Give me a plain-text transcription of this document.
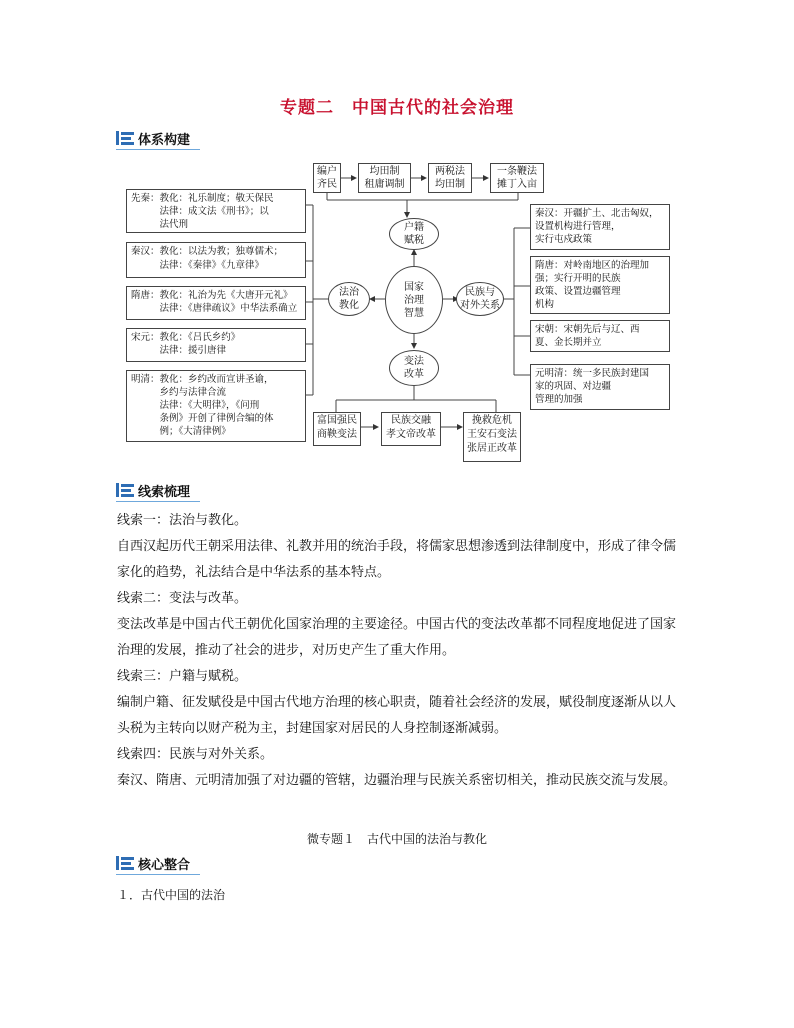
专题二　中国古代的社会治理
体系构建
编户
齐民
均田制
租庸调制
两税法
均田制
一条鞭法
摊丁入亩
户籍
赋税
国家
治理
智慧
法治
教化
民族与
对外关系
变法
改革
富国强民
商鞅变法
民族交融
孝文帝改革
挽救危机
王安石变法
张居正改革
先秦：教化：礼乐制度；敬天保民
　　　法律：成文法《刑书》；以
　　　法代刑
秦汉：教化：以法为教；独尊儒术；
　　　法律：《秦律》《九章律》
隋唐：教化：礼治为先《大唐开元礼》
　　　法律：《唐律疏议》中华法系确立
宋元：教化：《吕氏乡约》
　　　法律：援引唐律
明清：教化：乡约改而宣讲圣谕，
　　　乡约与法律合流
　　　法律：《大明律》，《问刑
　　　条例》开创了律例合编的体
　　　例；《大清律例》
秦汉：开疆扩土、北击匈奴，
设置机构进行管理，
实行屯戍政策
隋唐：对岭南地区的治理加
强；实行开明的民族
政策、设置边疆管理
机构
宋朝：宋朝先后与辽、西
夏、金长期并立
元明清：统一多民族封建国
家的巩固、对边疆
管理的加强
线索梳理
线索一：法治与教化。
自西汉起历代王朝采用法律、礼教并用的统治手段，将儒家思想渗透到法律制度中，形成了律令儒家化的趋势，礼法结合是中华法系的基本特点。
线索二：变法与改革。
变法改革是中国古代王朝优化国家治理的主要途径。中国古代的变法改革都不同程度地促进了国家治理的发展，推动了社会的进步，对历史产生了重大作用。
线索三：户籍与赋税。
编制户籍、征发赋役是中国古代地方治理的核心职责，随着社会经济的发展，赋役制度逐渐从以人头税为主转向以财产税为主，封建国家对居民的人身控制逐渐减弱。
线索四：民族与对外关系。
秦汉、隋唐、元明清加强了对边疆的管辖，边疆治理与民族关系密切相关，推动民族交流与发展。
微专题１　古代中国的法治与教化
核心整合
１．古代中国的法治
